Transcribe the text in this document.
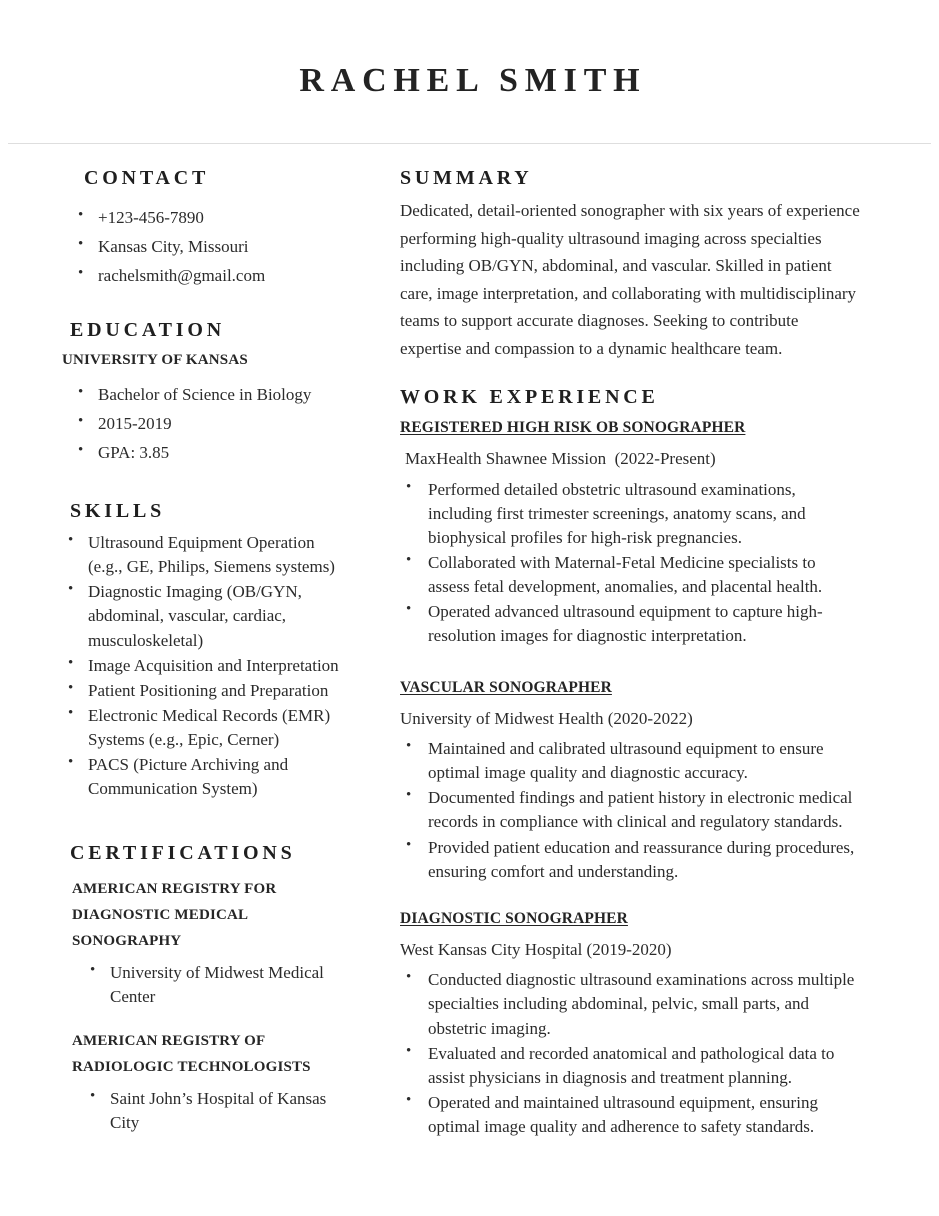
RACHEL SMITH
CONTACT
• +123-456-7890
• Kansas City, Missouri
• rachelsmith@gmail.com
EDUCATION
UNIVERSITY OF KANSAS
• Bachelor of Science in Biology
• 2015-2019
• GPA: 3.85
SKILLS
• Ultrasound Equipment Operation (e.g., GE, Philips, Siemens systems)
• Diagnostic Imaging (OB/GYN, abdominal, vascular, cardiac, musculoskeletal)
• Image Acquisition and Interpretation
• Patient Positioning and Preparation
• Electronic Medical Records (EMR) Systems (e.g., Epic, Cerner)
• PACS (Picture Archiving and Communication System)
CERTIFICATIONS
AMERICAN REGISTRY FOR DIAGNOSTIC MEDICAL SONOGRAPHY
• University of Midwest Medical Center
AMERICAN REGISTRY OF RADIOLOGIC TECHNOLOGISTS
• Saint John’s Hospital of Kansas City
SUMMARY

Dedicated, detail-oriented sonographer with six years of experience performing high-quality ultrasound imaging across specialties including OB/GYN, abdominal, and vascular. Skilled in patient care, image interpretation, and collaborating with multidisciplinary teams to support accurate diagnoses. Seeking to contribute expertise and compassion to a dynamic healthcare team.

WORK EXPERIENCE
REGISTERED HIGH RISK OB SONOGRAPHER
MaxHealth Shawnee Mission  (2022-Present)
• Performed detailed obstetric ultrasound examinations, including first trimester screenings, anatomy scans, and biophysical profiles for high-risk pregnancies.
• Collaborated with Maternal-Fetal Medicine specialists to assess fetal development, anomalies, and placental health.
• Operated advanced ultrasound equipment to capture high-resolution images for diagnostic interpretation.
VASCULAR SONOGRAPHER
University of Midwest Health (2020-2022)
• Maintained and calibrated ultrasound equipment to ensure optimal image quality and diagnostic accuracy.
• Documented findings and patient history in electronic medical records in compliance with clinical and regulatory standards.
• Provided patient education and reassurance during procedures, ensuring comfort and understanding.
DIAGNOSTIC SONOGRAPHER
West Kansas City Hospital (2019-2020)
• Conducted diagnostic ultrasound examinations across multiple specialties including abdominal, pelvic, small parts, and obstetric imaging.
• Evaluated and recorded anatomical and pathological data to assist physicians in diagnosis and treatment planning.
• Operated and maintained ultrasound equipment, ensuring optimal image quality and adherence to safety standards.
